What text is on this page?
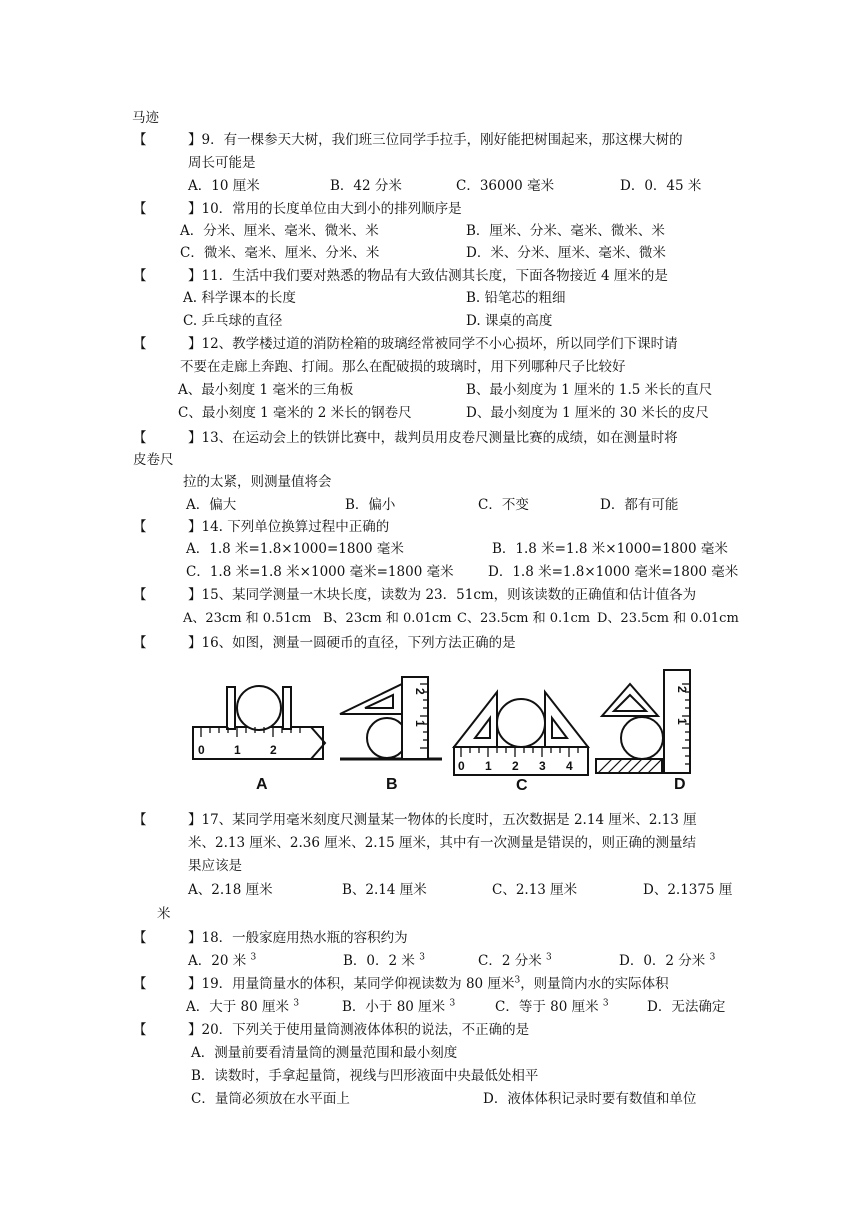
马迹
【	】9．有一棵参天大树，我们班三位同学手拉手，刚好能把树围起来，那这棵大树的
周长可能是
A．10 厘米	B．42 分米	C．36000 毫米	D．0．45 米
【	】10．常用的长度单位由大到小的排列顺序是
A．分米、厘米、毫米、微米、米	B．厘米、分米、毫米、微米、米
C．微米、毫米、厘米、分米、米	D．米、分米、厘米、毫米、微米
【	】11．生活中我们要对熟悉的物品有大致估测其长度，下面各物接近 4 厘米的是
A. 科学课本的长度	B. 铅笔芯的粗细
C. 乒乓球的直径	D. 课桌的高度
【	】12、教学楼过道的消防栓箱的玻璃经常被同学不小心损坏，所以同学们下课时请
不要在走廊上奔跑、打闹。那么在配破损的玻璃时，用下列哪种尺子比较好
A、最小刻度 1 毫米的三角板	B、最小刻度为 1 厘米的 1.5 米长的直尺
C、最小刻度 1 毫米的 2 米长的钢卷尺	D、最小刻度为 1 厘米的 30 米长的皮尺
【	】13、在运动会上的铁饼比赛中，裁判员用皮卷尺测量比赛的成绩，如在测量时将
皮卷尺
拉的太紧，则测量值将会
A．偏大	B．偏小	C．不变	D．都有可能
【	】14. 下列单位换算过程中正确的
A．1.8 米=1.8×1000=1800 毫米	B．1.8 米=1.8 米×1000=1800 毫米
C．1.8 米=1.8 米×1000 毫米=1800 毫米	D．1.8 米=1.8×1000 毫米=1800 毫米
【	】15、某同学测量一木块长度，读数为 23．51cm，则该读数的正确值和估计值各为
A、23cm 和 0.51cm B、23cm 和 0.01cm C、23.5cm 和 0.1cm D、23.5cm 和 0.01cm
【	】16、如图，测量一圆硬币的直径，下列方法正确的是
0 1 2
0 1 2 3 4
2
1
2
1
A	B	C	D
【	】17、某同学用毫米刻度尺测量某一物体的长度时，五次数据是 2.14 厘米、2.13 厘
米、2.13 厘米、2.36 厘米、2.15 厘米，其中有一次测量是错误的，则正确的测量结
果应该是
A、2.18 厘米	B、2.14 厘米	C、2.13 厘米	D、2.1375 厘
米
【	】18．一般家庭用热水瓶的容积约为
A．20 米 $^3$	B．0．2 米 $^3$	C．2 分米 $^3$	D．0．2 分米 $^3$
【	】19．用量筒量水的体积，某同学仰视读数为 80 厘米$^3$，则量筒内水的实际体积
A．大于 80 厘米 $^3$	B．小于 80 厘米 $^3$	C．等于 80 厘米 $^3$	D．无法确定
【	】20．下列关于使用量筒测液体体积的说法，不正确的是
A．测量前要看清量筒的测量范围和最小刻度
B．读数时，手拿起量筒，视线与凹形液面中央最低处相平
C．量筒必须放在水平面上	D．液体体积记录时要有数值和单位
